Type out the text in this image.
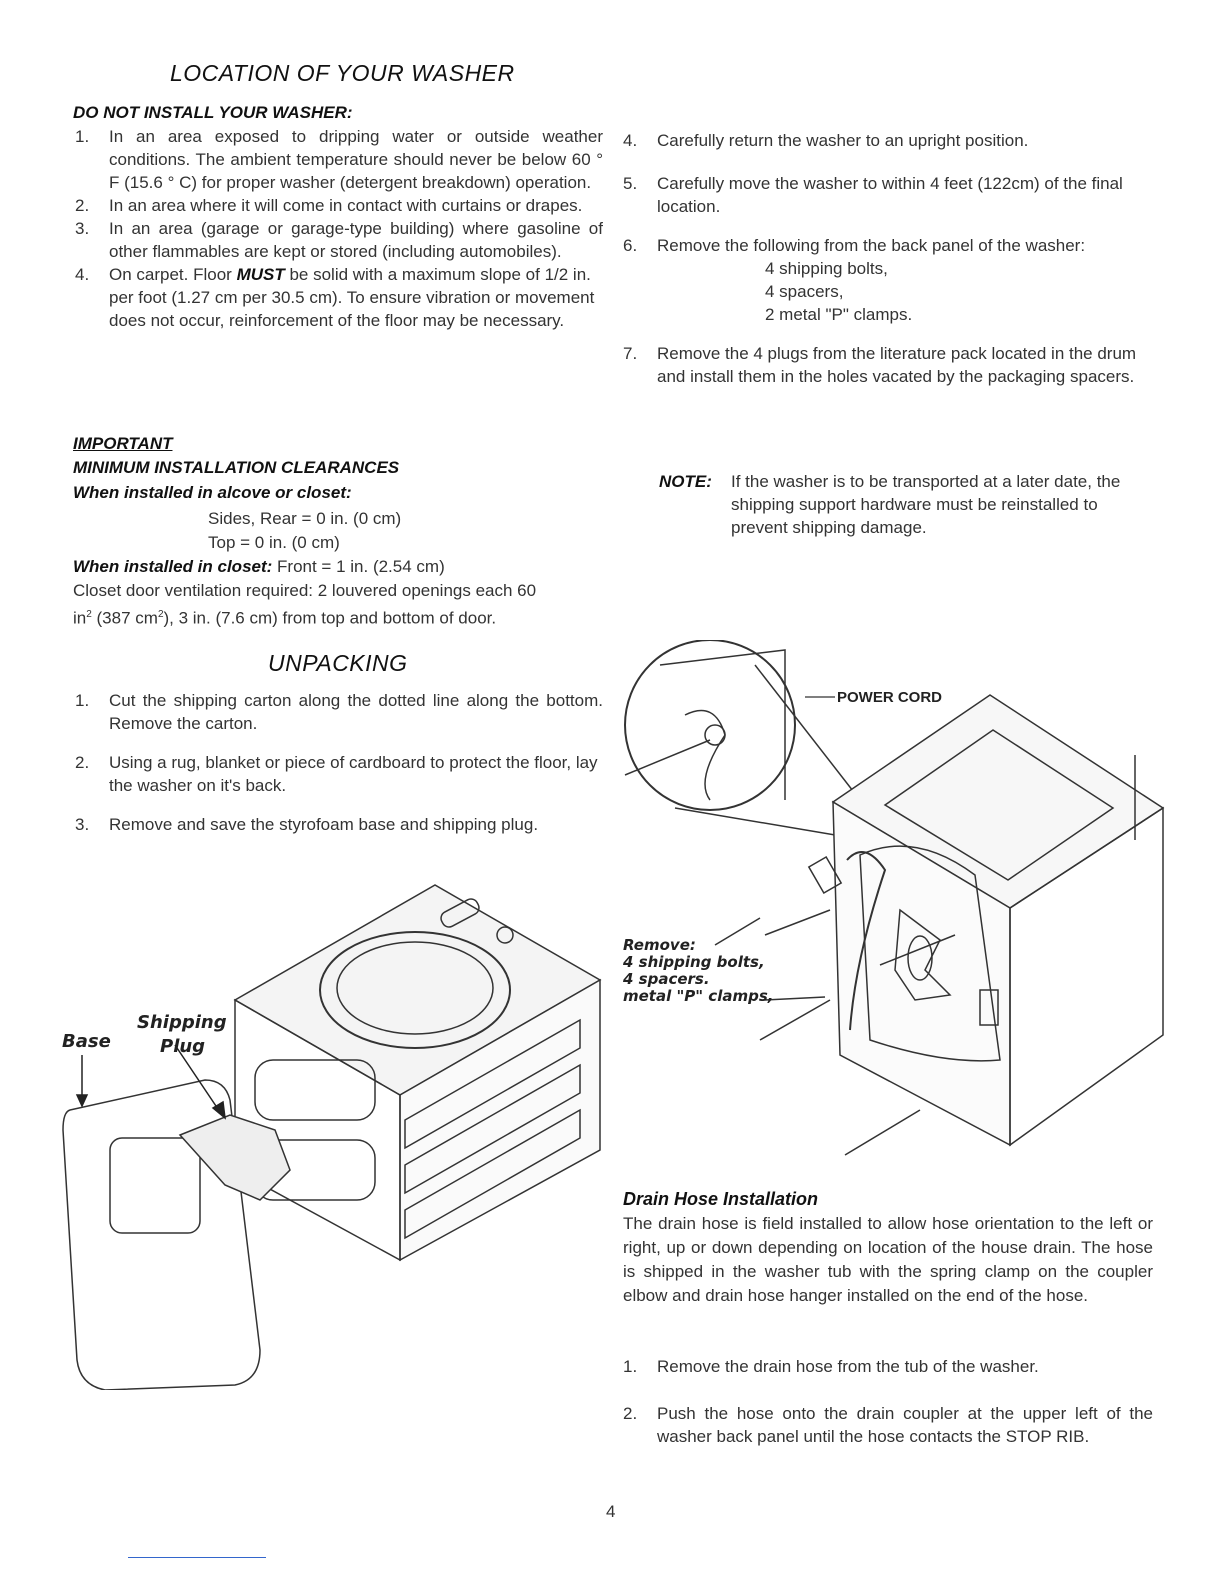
LOCATION OF YOUR WASHER
DO NOT INSTALL YOUR WASHER:
1. In an area exposed to dripping water or outside weather conditions. The ambient temperature should never be below 60 ° F (15.6 ° C) for proper washer (detergent breakdown) operation.
2. In an area where it will come in contact with curtains or drapes.
3. In an area (garage or garage-type building) where gasoline of other flammables are kept or stored (including automobiles).
4. On carpet. Floor MUST be solid with a maximum slope of 1/2 in. per foot (1.27 cm per 30.5 cm). To ensure vibration or movement does not occur, reinforcement of the floor may be necessary.
IMPORTANT
MINIMUM INSTALLATION CLEARANCES
When installed in alcove or closet:
Sides, Rear = 0 in. (0 cm)
Top = 0 in. (0 cm)
When installed in closet: Front = 1 in. (2.54 cm)
Closet door ventilation required: 2 louvered openings each 60
$in^2$ (387 $cm^2$), 3 in. (7.6 cm) from top and bottom of door.
UNPACKING
1. Cut the shipping carton along the dotted line along the bottom. Remove the carton.
2. Using a rug, blanket or piece of cardboard to protect the floor, lay the washer on it's back.
3. Remove and save the styrofoam base and shipping plug.
Base
Shipping
Plug
4. Carefully return the washer to an upright position.
5. Carefully move the washer to within 4 feet (122cm) of the final location.
6. Remove the following from the back panel of the washer:
4 shipping bolts,
4 spacers,
2 metal "P" clamps.
7. Remove the 4 plugs from the literature pack located in the drum and install them in the holes vacated by the packaging spacers.
NOTE: If the washer is to be transported at a later date, the shipping support hardware must be reinstalled to prevent shipping damage.
POWER CORD
Remove:
4 shipping bolts,
4 spacers.
metal "P" clamps,
Drain Hose Installation
The drain hose is field installed to allow hose orientation to the left or right, up or down depending on location of the house drain. The hose is shipped in the washer tub with the spring clamp on the coupler elbow and drain hose hanger installed on the end of the hose.
1. Remove the drain hose from the tub of the washer.
2. Push the hose onto the drain coupler at the upper left of the washer back panel until the hose contacts the STOP RIB.
4
